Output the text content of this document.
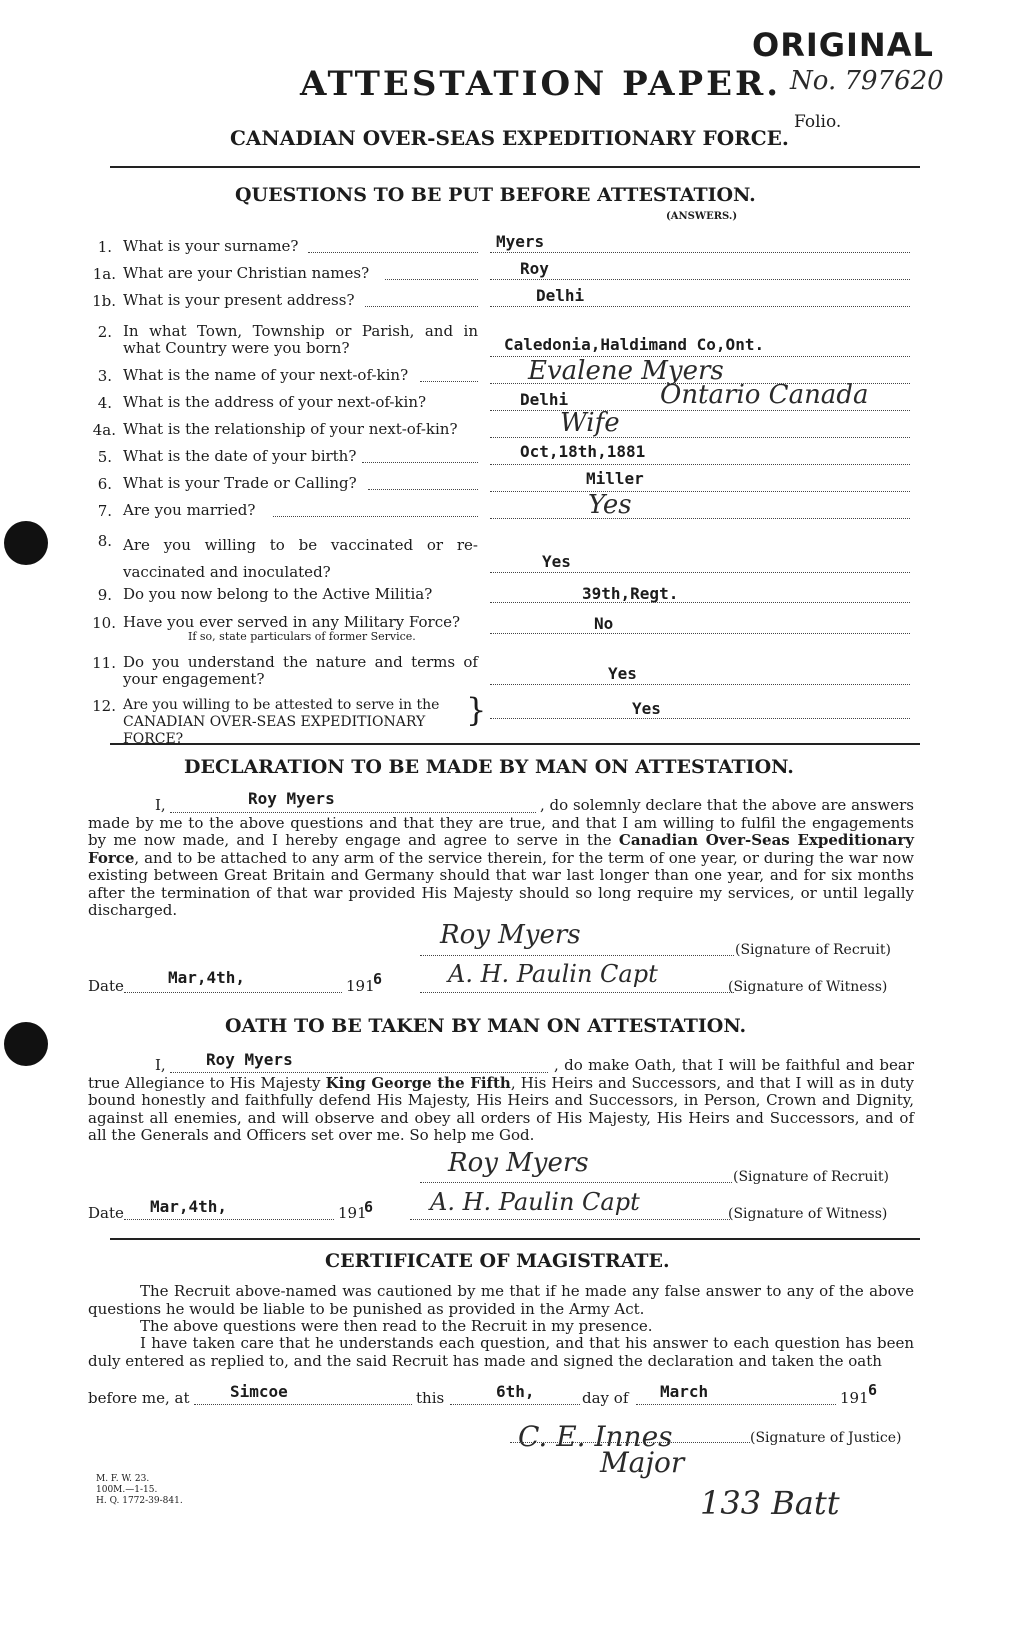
ORIGINAL
No. 797620
Folio.
ATTESTATION PAPER.
CANADIAN OVER-SEAS EXPEDITIONARY FORCE.
QUESTIONS TO BE PUT BEFORE ATTESTATION.
(ANSWERS.)
1. What is your surname?	Myers
1a. What are your Christian names?	Roy
1b. What is your present address?	Delhi
2. In what Town, Township or Parish, and in what Country were you born?	Caledonia,Haldimand Co,Ont.
3. What is the name of your next-of-kin?	Evalene Myers
4. What is the address of your next-of-kin?	Delhi	Ontario Canada
4a. What is the relationship of your next-of-kin?	Wife
5. What is the date of your birth?	Oct,18th,1881
6. What is your Trade or Calling?	Miller
7. Are you married?	Yes
8. Are you willing to be vaccinated or re-vaccinated and inoculated?
Yes
9. Do you now belong to the Active Militia?	39th,Regt.
10. Have you ever served in any Military Force?
If so, state particulars of former Service.
No
11. Do you understand the nature and terms of your engagement?	Yes
12. Are you willing to be attested to serve in the CANADIAN OVER-SEAS EXPEDITIONARY FORCE?
}	Yes
DECLARATION TO BE MADE BY MAN ON ATTESTATION.
I,	Roy Myers	, do solemnly declare that the above are answers made by me to the above questions and that they are true, and that I am willing to fulfil the engagements by me now made, and I hereby engage and agree to serve in the Canadian Over-Seas Expeditionary Force, and to be attached to any arm of the service therein, for the term of one year, or during the war now existing between Great Britain and Germany should that war last longer than one year, and for six months after the termination of that war provided His Majesty should so long require my services, or until legally discharged.

Roy Myers	(Signature of Recruit)
Date	Mar,4th,	191
6	A. H. Paulin Capt	(Signature of Witness)
OATH TO BE TAKEN BY MAN ON ATTESTATION.
I,	Roy Myers	, do make Oath, that I will be faithful and bear true Allegiance to His Majesty King George the Fifth, His Heirs and Successors, and that I will as in duty bound honestly and faithfully defend His Majesty, His Heirs and Successors, in Person, Crown and Dignity, against all enemies, and will observe and obey all orders of His Majesty, His Heirs and Successors, and of all the Generals and Officers set over me. So help me God.

Roy Myers	(Signature of Recruit)
Date Mar,4th,	191
6 A. H. Paulin Capt	(Signature of Witness)
CERTIFICATE OF MAGISTRATE.

The Recruit above-named was cautioned by me that if he made any false answer to any of the above questions he would be liable to be punished as provided in the Army Act.

The above questions were then read to the Recruit in my presence.

I have taken care that he understands each question, and that his answer to each question has been duly entered as replied to, and the said Recruit has made and signed the declaration and taken the oath

before me, at	Simcoe	this	6th,	day of March	191 6
C. E. Innes	(Signature of Justice)
Major
133 Batt
M. F. W. 23.
100M.—1-15.
H. Q. 1772-39-841.
